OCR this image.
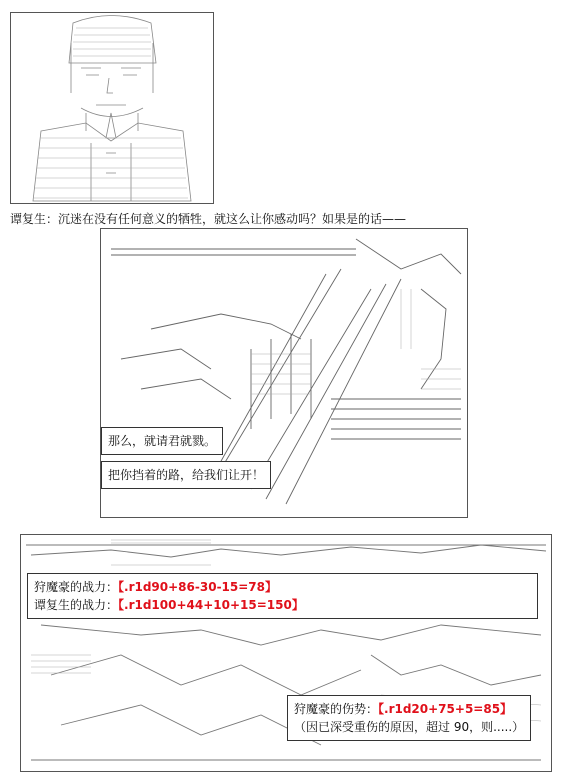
谭复生：沉迷在没有任何意义的牺牲，就这么让你感动吗？如果是的话——
那么，就请君就戮。
把你挡着的路，给我们让开！
狩魔豪的战力：【.r1d90+86-30-15=78】
谭复生的战力：【.r1d100+44+10+15=150】
狩魔豪的伤势：【.r1d20+75+5=85】
（因已深受重伤的原因，超过 90，则.....）
